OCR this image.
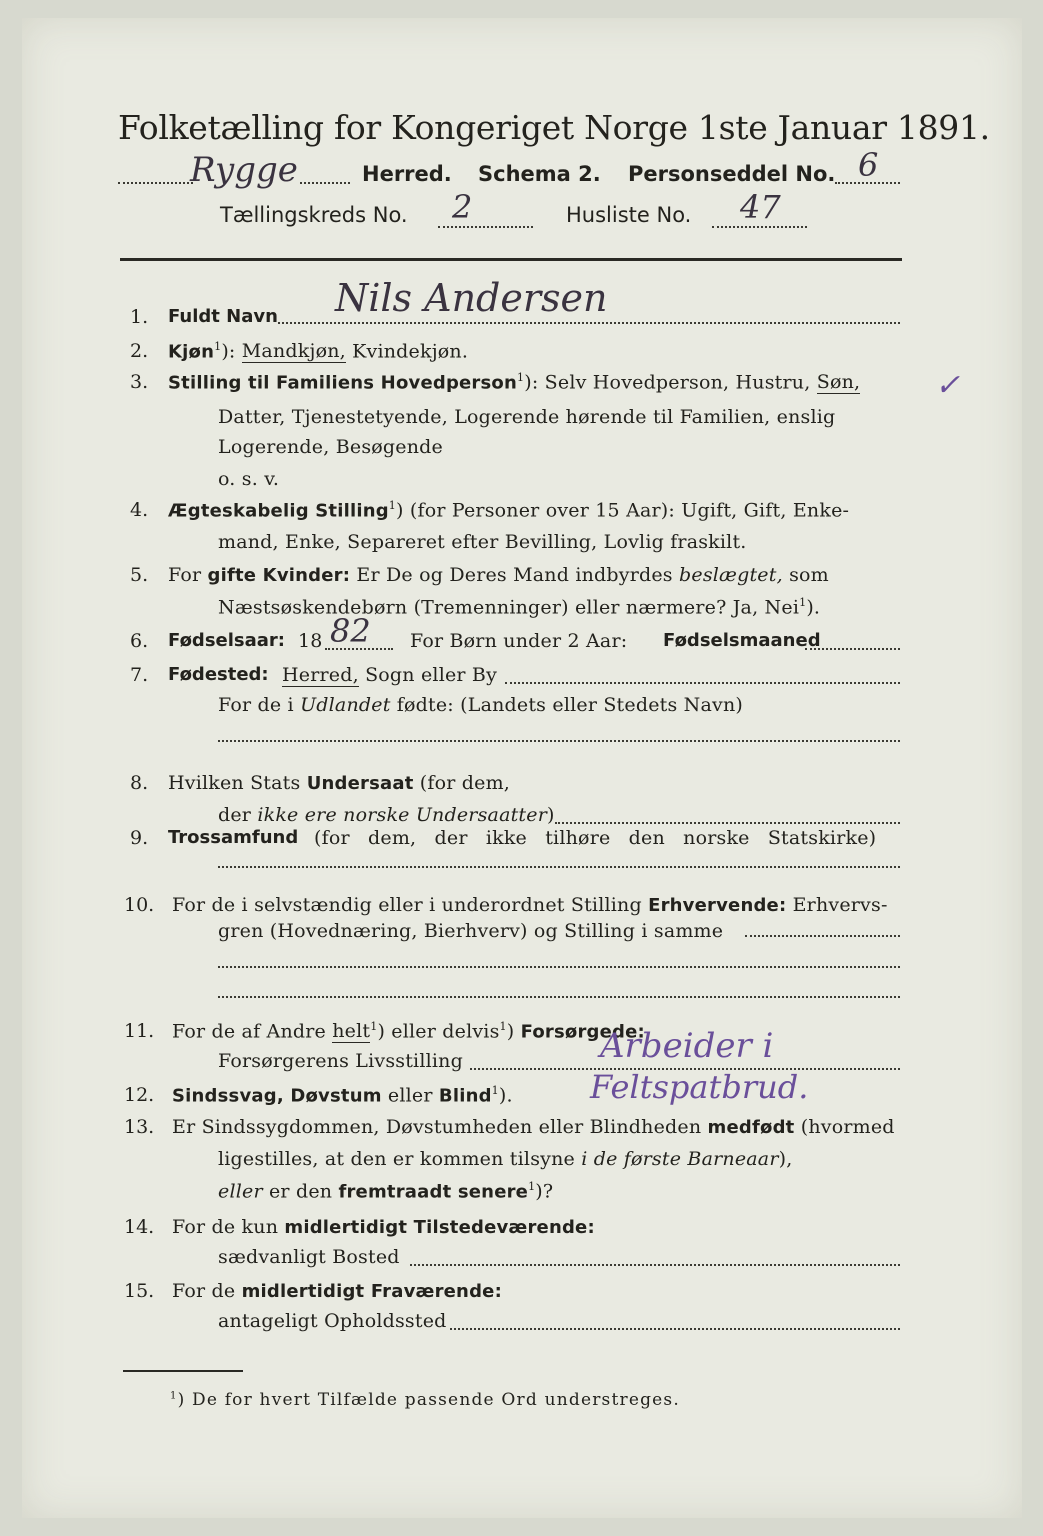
Folketælling for Kongeriget Norge 1ste Januar 1891.
Rygge	Herred. Schema 2. Personseddel No. 6
Tællingskreds No. 2	Husliste No. 47
1. Fuldt Navn Nils Andersen
2. Kjøn$^1$): Mandkjøn, Kvindekjøn.
3. Stilling til Familiens Hovedperson$^1$): Selv Hovedperson, Hustru, Søn, ✓
Datter, Tjenestetyende, Logerende hørende til Familien, enslig
Logerende, Besøgende
o. s. v.
4. Ægteskabelig Stilling$^1$) (for Personer over 15 Aar): Ugift, Gift, Enke-
mand, Enke, Separeret efter Bevilling, Lovlig fraskilt.
5. For gifte Kvinder: Er De og Deres Mand indbyrdes beslægtet, som
Næstsøskendebørn (Tremenninger) eller nærmere? Ja, Nei$^1$).
6. Fødselsaar: 18 82 For Børn under 2 Aar: Fødselsmaaned
7. Fødested: Herred, Sogn eller By
For de i Udlandet fødte: (Landets eller Stedets Navn)
8. Hvilken Stats Undersaat (for dem,
der ikke ere norske Undersaatter)
9. Trossamfund (for dem, der ikke tilhøre den norske Statskirke)
10. For de i selvstændig eller i underordnet Stilling Erhvervende: Erhvervs-
gren (Hovednæring, Bierhverv) og Stilling i samme
11. For de af Andre helt$^1$) eller delvis$^1$) Forsørgede:
Forsørgerens Livsstilling	Arbeider i
12. Sindssvag, Døvstum eller Blind$^1$). Feltspatbrud.
13. Er Sindssygdommen, Døvstumheden eller Blindheden medfødt (hvormed
ligestilles, at den er kommen tilsyne i de første Barneaar),
eller er den fremtraadt senere$^1$)?
14. For de kun midlertidigt Tilstedeværende:
sædvanligt Bosted
15. For de midlertidigt Fraværende:
antageligt Opholdssted
$^1$) De for hvert Tilfælde passende Ord understreges.
